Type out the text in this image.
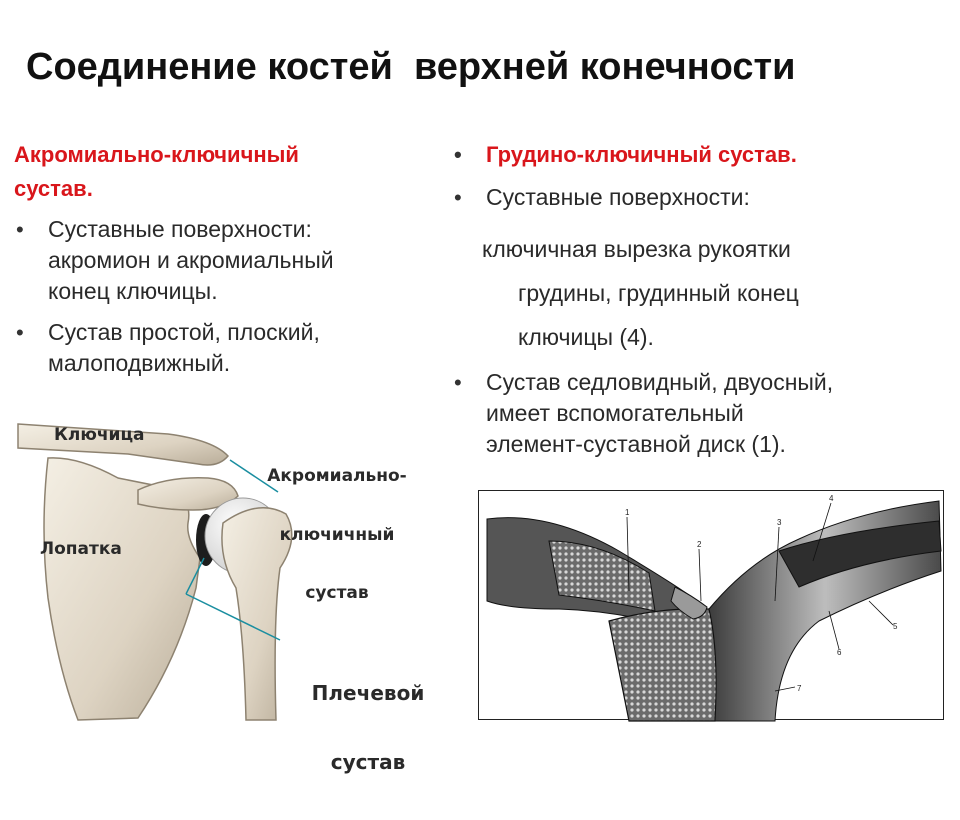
Соединение костей  верхней конечности
Акромиально-ключичный
сустав.
• Суставные поверхности:
акромион и акромиальный
конец ключицы.
• Сустав простой, плоский,
малоподвижный.
• Грудино-ключичный сустав.
• Суставные поверхности:
ключичная вырезка рукоятки
грудины, грудинный конец
ключицы (4).
• Сустав седловидный, двуосный,
имеет вспомогательный
элемент-суставной диск (1).
Ключица

Акромиально-

ключичный

сустав

Лопатка

Плечевой

сустав

1
2
3
4
5
6
7
